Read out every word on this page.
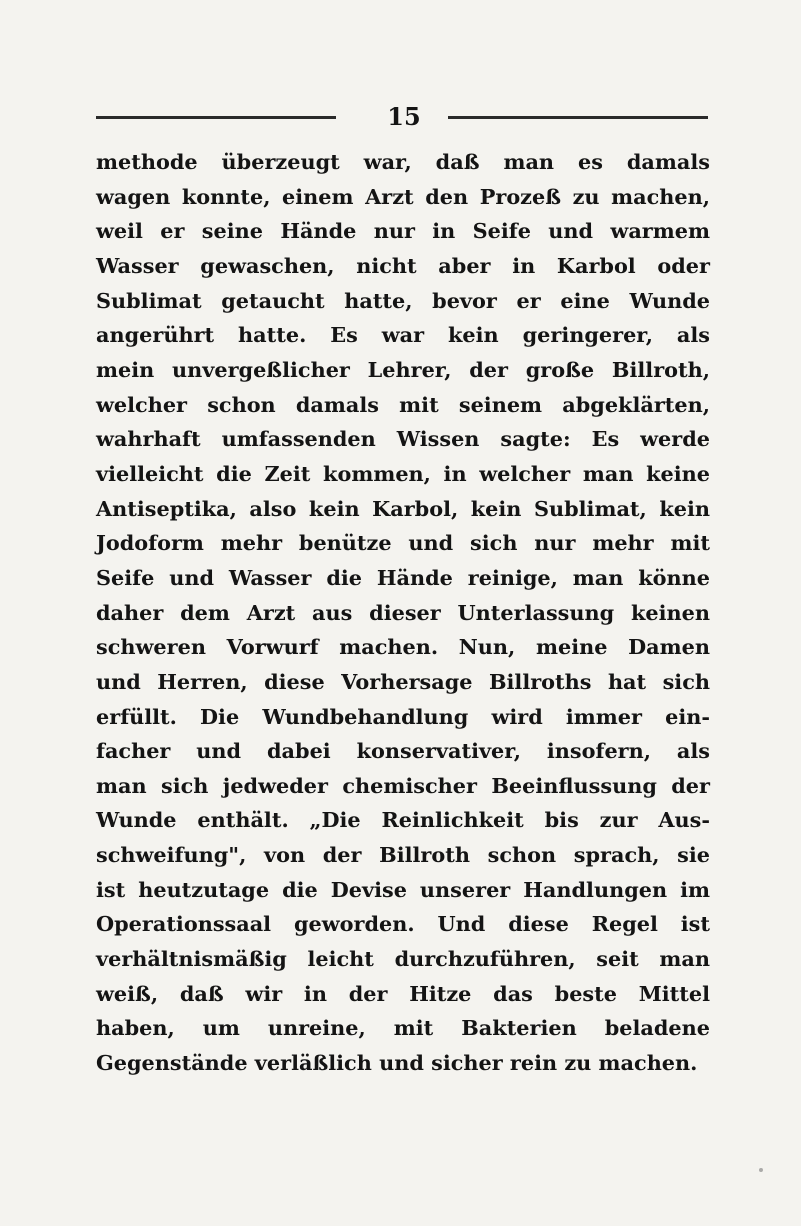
15
methode überzeugt war, daß man es damals
wagen konnte, einem Arzt den Prozeß zu machen,
weil er seine Hände nur in Seife und warmem
Wasser gewaschen, nicht aber in Karbol oder
Sublimat getaucht hatte, bevor er eine Wunde
angerührt hatte. Es war kein geringerer, als
mein unvergeßlicher Lehrer, der große Billroth,
welcher schon damals mit seinem abgeklärten,
wahrhaft umfassenden Wissen sagte: Es werde
vielleicht die Zeit kommen, in welcher man keine
Antiseptika, also kein Karbol, kein Sublimat, kein
Jodoform mehr benütze und sich nur mehr mit
Seife und Wasser die Hände reinige, man könne
daher dem Arzt aus dieser Unterlassung keinen
schweren Vorwurf machen. Nun, meine Damen
und Herren, diese Vorhersage Billroths hat sich
erfüllt. Die Wundbehandlung wird immer ein-
facher und dabei konservativer, insofern, als
man sich jedweder chemischer Beeinflussung der
Wunde enthält. „Die Reinlichkeit bis zur Aus-
schweifung", von der Billroth schon sprach, sie
ist heutzutage die Devise unserer Handlungen im
Operationssaal geworden. Und diese Regel ist
verhältnismäßig leicht durchzuführen, seit man
weiß, daß wir in der Hitze das beste Mittel
haben, um unreine, mit Bakterien beladene
Gegenstände verläßlich und sicher rein zu machen.
